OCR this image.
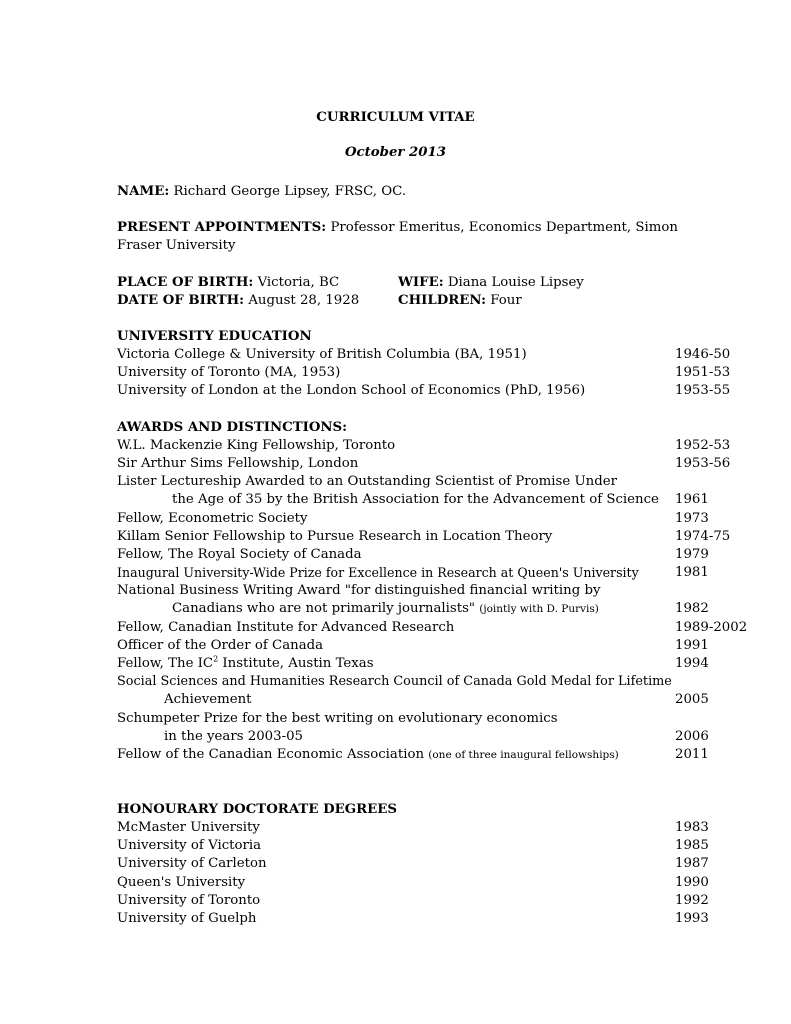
CURRICULUM VITAE
October 2013
NAME: Richard George Lipsey, FRSC, OC.
PRESENT APPOINTMENTS: Professor Emeritus, Economics Department, Simon
Fraser University
PLACE OF BIRTH: Victoria, BC	WIFE: Diana Louise Lipsey
DATE OF BIRTH: August 28, 1928	CHILDREN: Four
UNIVERSITY EDUCATION
Victoria College & University of British Columbia (BA, 1951)	1946-50
University of Toronto (MA, 1953)	1951-53
University of London at the London School of Economics (PhD, 1956)	1953-55
AWARDS AND DISTINCTIONS:
W.L. Mackenzie King Fellowship, Toronto	1952-53
Sir Arthur Sims Fellowship, London	1953-56
Lister Lectureship Awarded to an Outstanding Scientist of Promise Under
the Age of 35 by the British Association for the Advancement of Science 1961
Fellow, Econometric Society	1973
Killam Senior Fellowship to Pursue Research in Location Theory	1974-75
Fellow, The Royal Society of Canada	1979
Inaugural University-Wide Prize for Excellence in Research at Queen's University	1981
National Business Writing Award "for distinguished financial writing by
Canadians who are not primarily journalists" (jointly with D. Purvis)	1982
Fellow, Canadian Institute for Advanced Research	1989-2002
Officer of the Order of Canada	1991
Fellow, The $IC^2$ Institute, Austin Texas	1994
Social Sciences and Humanities Research Council of Canada Gold Medal for Lifetime
Achievement	2005
Schumpeter Prize for the best writing on evolutionary economics
in the years 2003-05	2006
Fellow of the Canadian Economic Association (one of three inaugural fellowships)	2011
HONOURARY DOCTORATE DEGREES
McMaster University	1983
University of Victoria	1985
University of Carleton	1987
Queen's University	1990
University of Toronto	1992
University of Guelph	1993
